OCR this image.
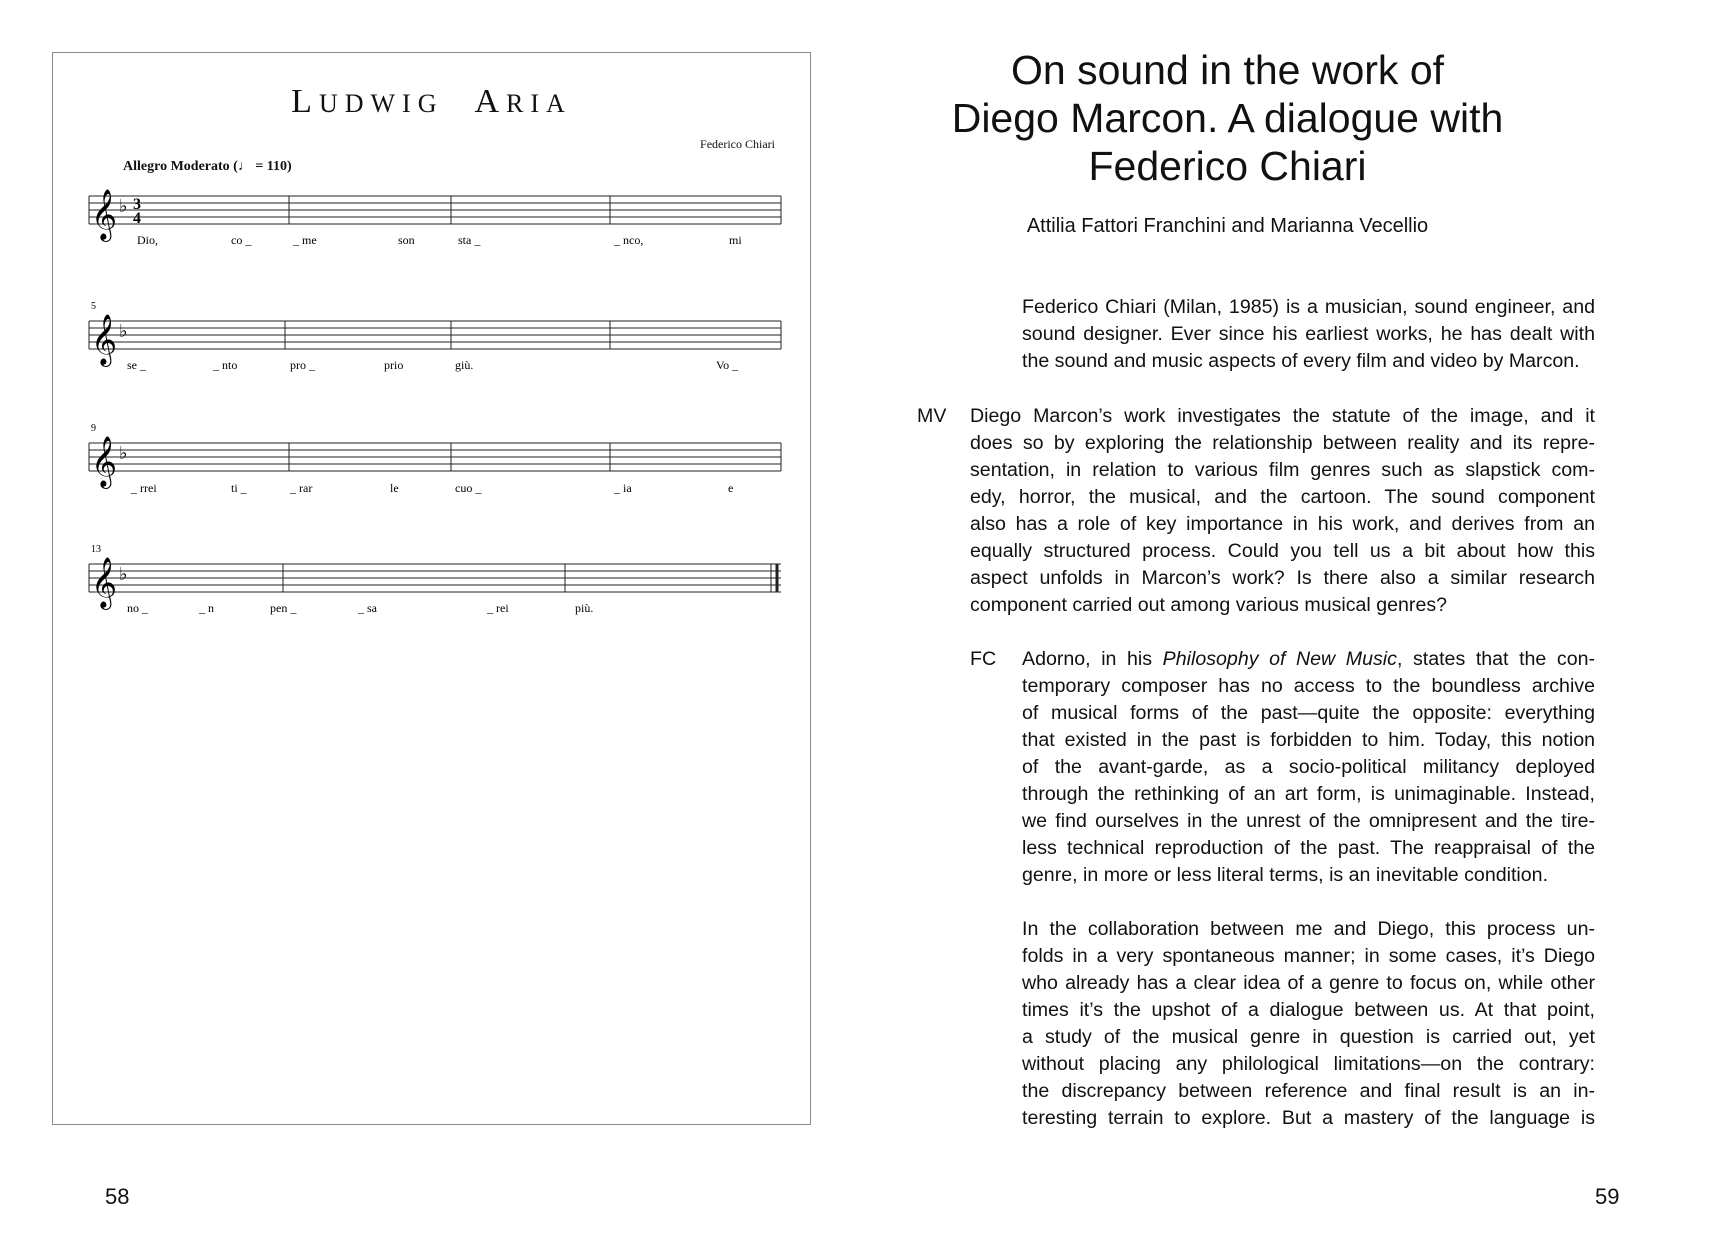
LUDWIG ARIA
Federico Chiari
Allegro Moderato (♩ = 110)
𝄞 ♭ 3
4
Dio,	co _	_ me	son	sta _	_ nco,	mi
𝄞 ♭
5
se _	_ nto	pro _	prio	giù.	Vo _
𝄞 ♭
9
_ rrei	ti _	_ rar	le	cuo _	_ ia	e
𝄞 ♭
13
no _	_ n	pen _	_ sa	_ rei	più.
58
On sound in the work of
Diego Marcon. A dialogue with
Federico Chiari
Attilia Fattori Franchini and Marianna Vecellio
Federico Chiari (Milan, 1985) is a musician, sound engineer, and
sound designer. Ever since his earliest works, he has dealt with
the sound and music aspects of every film and video by Marcon.
MV Diego Marcon’s work investigates the statute of the image, and it
does so by exploring the relationship between reality and its repre-
sentation, in relation to various film genres such as slapstick com-
edy, horror, the musical, and the cartoon. The sound component
also has a role of key importance in his work, and derives from an
equally structured process. Could you tell us a bit about how this
aspect unfolds in Marcon’s work? Is there also a similar research
component carried out among various musical genres?
FC Adorno, in his Philosophy of New Music, states that the con-
temporary composer has no access to the boundless archive
of musical forms of the past—quite the opposite: everything
that existed in the past is forbidden to him. Today, this notion
of the avant-garde, as a socio-political militancy deployed
through the rethinking of an art form, is unimaginable. Instead,
we find ourselves in the unrest of the omnipresent and the tire-
less technical reproduction of the past. The reappraisal of the
genre, in more or less literal terms, is an inevitable condition.
In the collaboration between me and Diego, this process un-
folds in a very spontaneous manner; in some cases, it’s Diego
who already has a clear idea of a genre to focus on, while other
times it’s the upshot of a dialogue between us. At that point,
a study of the musical genre in question is carried out, yet
without placing any philological limitations—on the contrary:
the discrepancy between reference and final result is an in-
teresting terrain to explore. But a mastery of the language is
59
